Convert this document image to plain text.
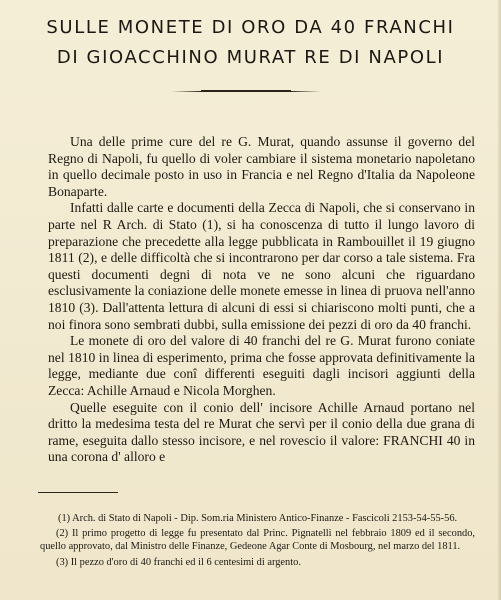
SULLE MONETE DI ORO DA 40 FRANCHI
DI GIOACCHINO MURAT RE DI NAPOLI

Una delle prime cure del re G. Murat, quando assunse il governo del Regno di Napoli, fu quello di voler cambiare il sistema monetario napoletano in quello decimale posto in uso in Francia e nel Regno d'Italia da Napoleone Bonaparte.

Infatti dalle carte e documenti della Zecca di Napoli, che si conservano in parte nel R Arch. di Stato (1), si ha conoscenza di tutto il lungo lavoro di preparazione che precedette alla legge pubblicata in Rambouillet il 19 giugno 1811 (2), e delle difficoltà che si incontrarono per dar corso a tale sistema. Fra questi documenti degni di nota ve ne sono alcuni che riguardano esclusivamente la coniazione delle monete emesse in linea di pruova nell'anno 1810 (3). Dall'attenta lettura di alcuni di essi si chiariscono molti punti, che a noi finora sono sembrati dubbi, sulla emissione dei pezzi di oro da 40 franchi.

Le monete di oro del valore di 40 franchi del re G. Murat furono coniate nel 1810 in linea di esperimento, prima che fosse approvata definitivamente la legge, mediante due conî differenti eseguiti dagli incisori aggiunti della Zecca: Achille Arnaud e Nicola Morghen.

Quelle eseguite con il conio dell' incisore Achille Arnaud portano nel dritto la medesima testa del re Murat che servì per il conio della due grana di rame, eseguita dallo stesso incisore, e nel rovescio il valore: FRANCHI 40 in una corona d' alloro e

(1) Arch. di Stato di Napoli - Dip. Som.ria Ministero Antico-Finanze - Fascicoli 2153-54-55-56.

(2) Il primo progetto di legge fu presentato dal Princ. Pignatelli nel febbraio 1809 ed il secondo, quello approvato, dal Ministro delle Finanze, Gedeone Agar Conte di Mosbourg, nel marzo del 1811.

(3) Il pezzo d'oro di 40 franchi ed il 6 centesimi di argento.
